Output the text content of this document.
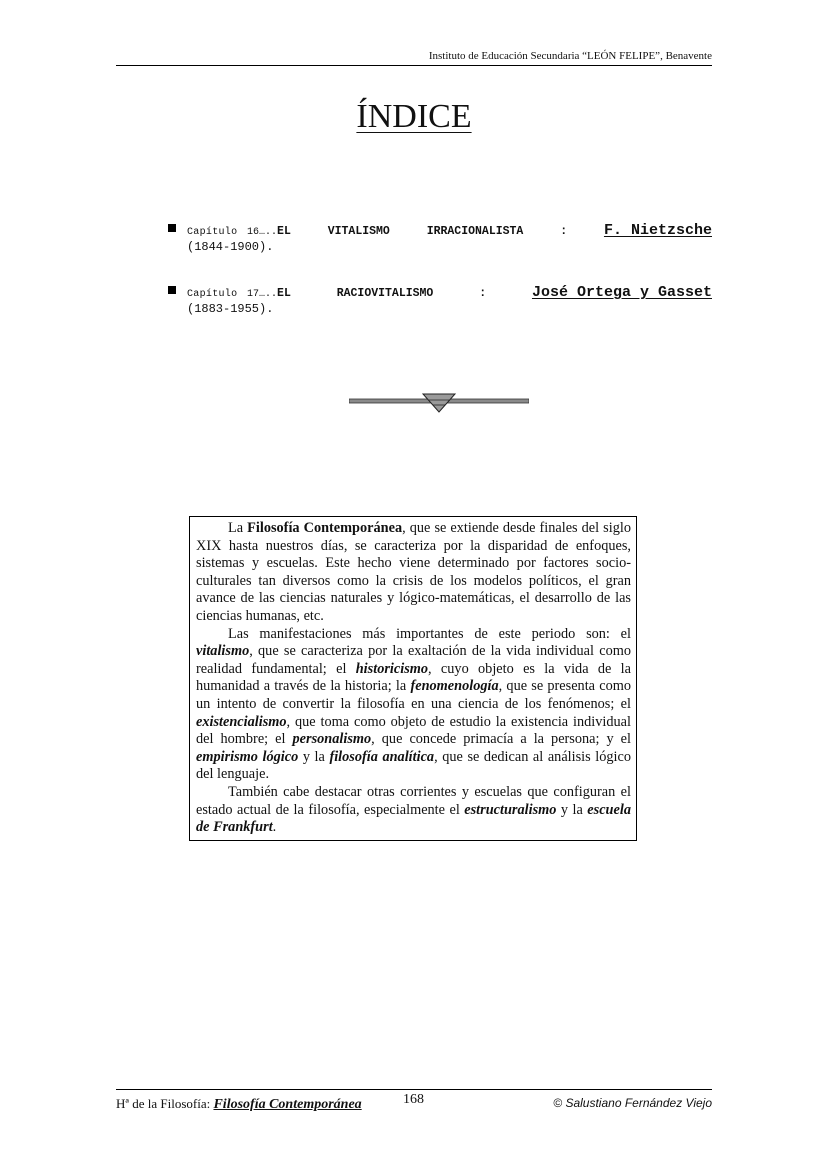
Instituto de Educación Secundaria “LEÓN FELIPE”, Benavente
ÍNDICE
Capítulo 16…..EL	VITALISMO	IRRACIONALISTA	: F. Nietzsche
(1844-1900).
Capítulo 17…..EL	RACIOVITALISMO	:	José Ortega y Gasset
(1883-1955).

La Filosofía Contemporánea, que se extiende desde finales del siglo XIX hasta nuestros días, se caracteriza por la disparidad de enfoques, sistemas y escuelas. Este hecho viene determinado por factores socio-culturales tan diversos como la crisis de los modelos políticos, el gran avance de las ciencias naturales y lógico-matemáticas, el desarrollo de las ciencias humanas, etc.

Las manifestaciones más importantes de este periodo son: el vitalismo, que se caracteriza por la exaltación de la vida individual como realidad fundamental; el historicismo, cuyo objeto es la vida de la humanidad a través de la historia; la fenomenología, que se presenta como un intento de convertir la filosofía en una ciencia de los fenómenos; el existencialismo, que toma como objeto de estudio la existencia individual del hombre; el personalismo, que concede primacía a la persona; y el empirismo lógico y la filosofía analítica, que se dedican al análisis lógico del lenguaje.

También cabe destacar otras corrientes y escuelas que configuran el estado actual de la filosofía, especialmente el estructuralismo y la escuela de Frankfurt.

Hª de la Filosofía: Filosofía Contemporánea	168	© Salustiano Fernández Viejo
